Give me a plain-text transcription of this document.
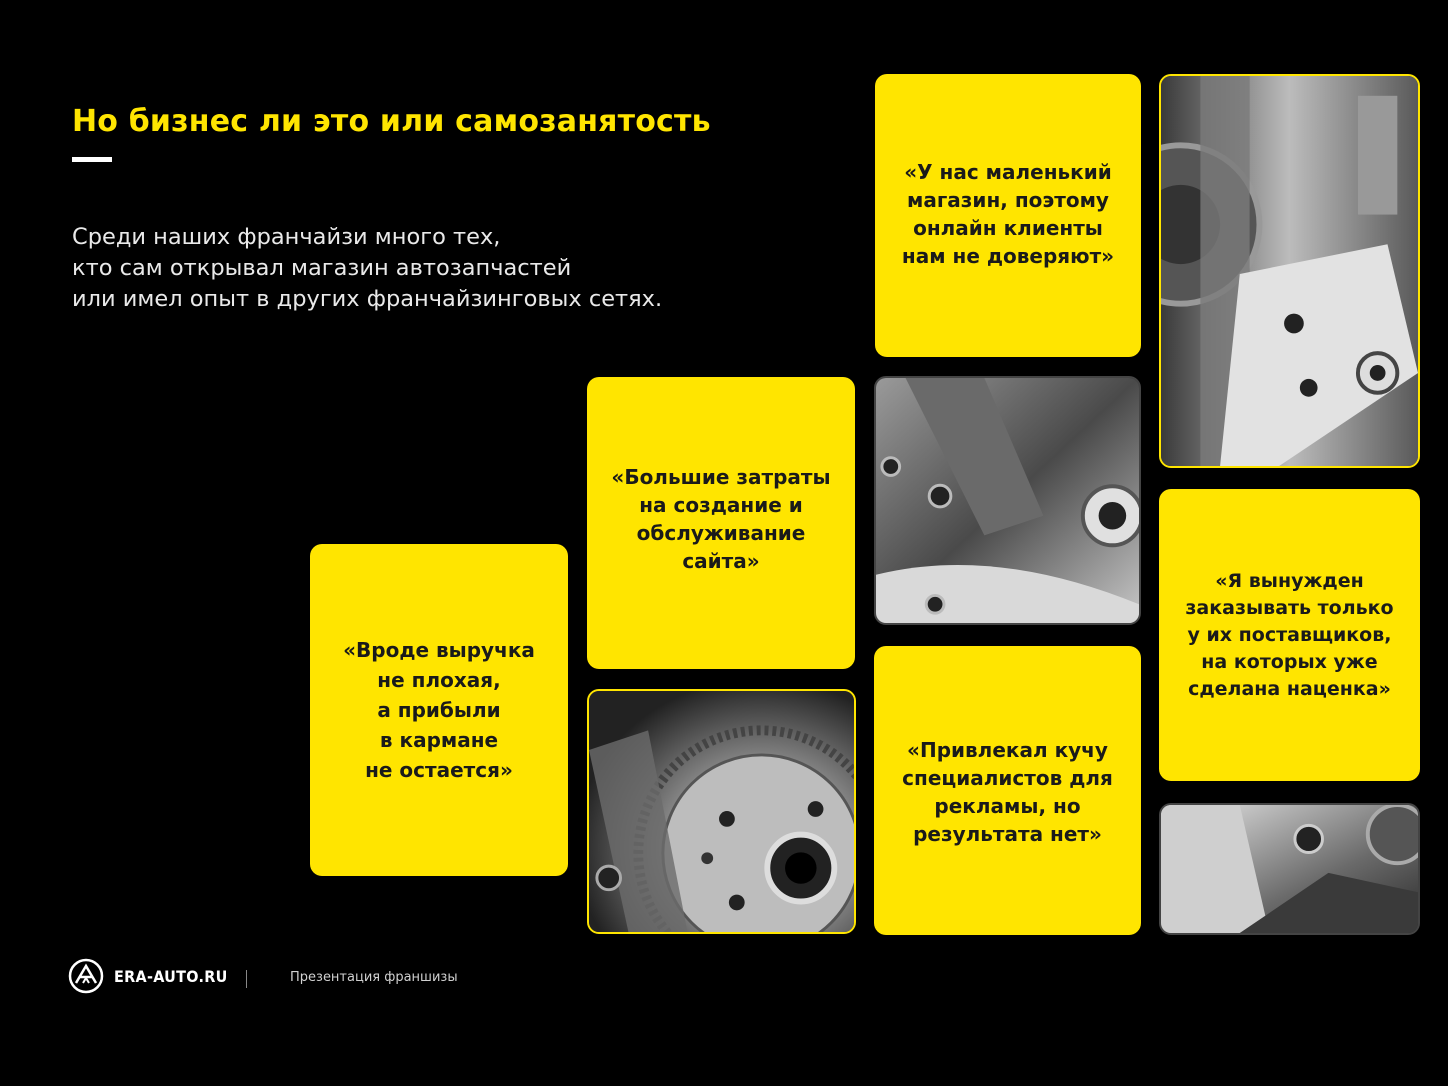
Но бизнес ли это или самозанятость

Среди наших франчайзи много тех,
кто сам открывал магазин автозапчастей
или имел опыт в других франчайзинговых сетях.

«Вроде выручка
не плохая,
а прибыли
в кармане
не остается»

«Большие затраты
на создание и
обслуживание
сайта»

«У нас маленький
магазин, поэтому
онлайн клиенты
нам не доверяют»

«Привлекал кучу
специалистов для
рекламы, но
результата нет»

«Я вынужден
заказывать только
у их поставщиков,
на которых уже
сделана наценка»

ERA-AUTO.RU	Презентация франшизы
